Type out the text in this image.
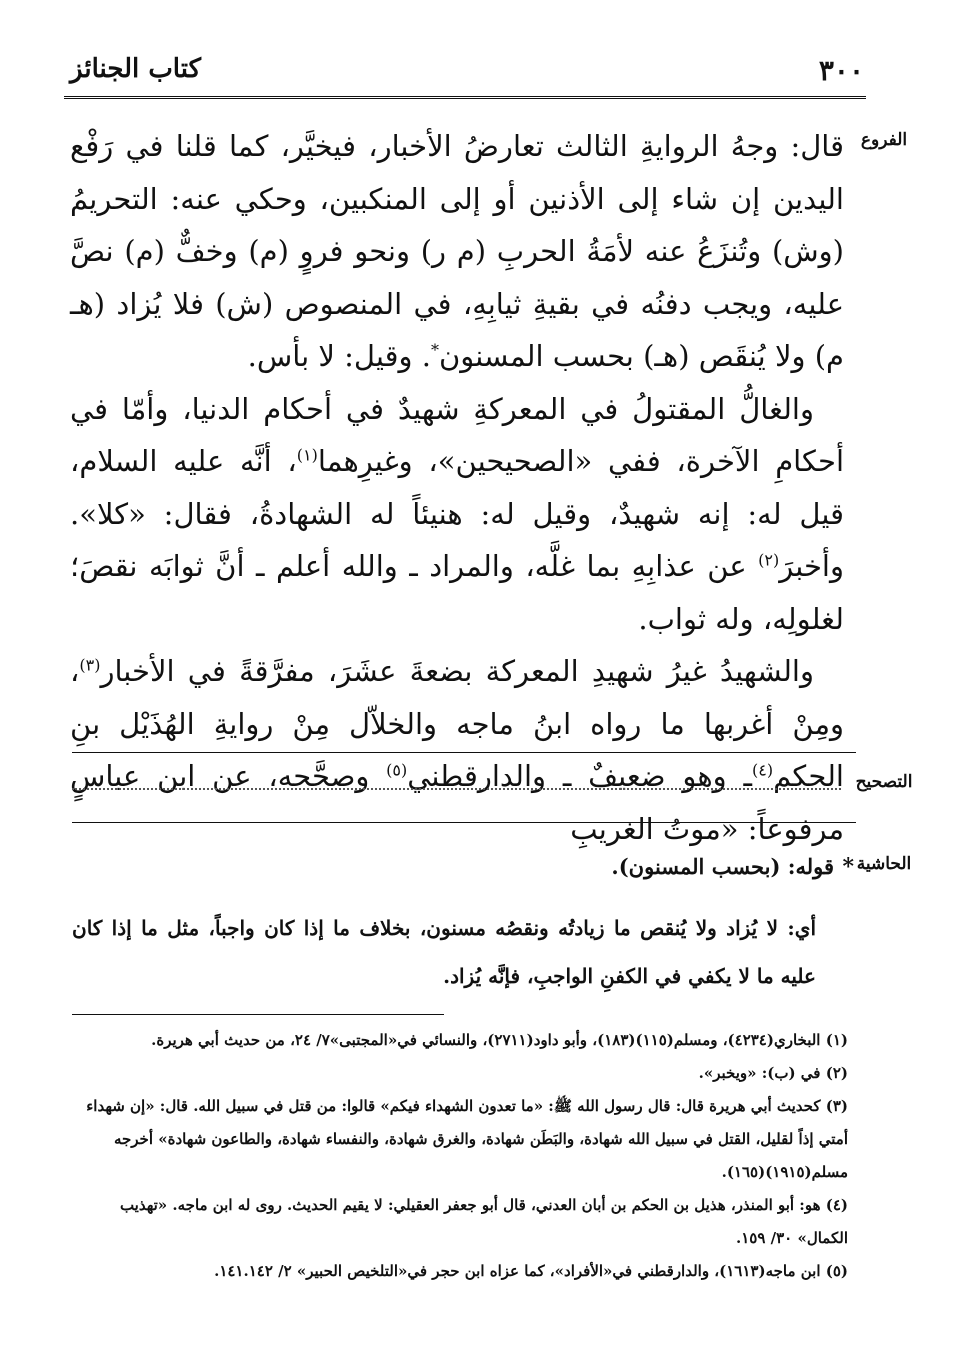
٣٠٠
كتاب الجنائز
الفروع

قال: وجهُ الروايةِ الثالث تعارضُ الأخبار، فيخيَّر، كما قلنا في رَفْع اليدين إن شاء إلى الأذنين أو إلى المنكبين، وحكي عنه: التحريمُ (وش) وتُنزَعُ عنه لأمَةُ الحربِ (م ر) ونحو فروٍ (م) وخفٌّ (م) نصَّ عليه، ويجب دفنُه في بقيةِ ثيابِهِ، في المنصوص (ش) فلا يُزاد (هـ م) ولا يُنقَص (هـ) بحسب المسنون*. وقيل: لا بأس.

والغالُّ المقتولُ في المعركةِ شهيدٌ في أحكام الدنيا، وأمّا في أحكامِ الآخرة، ففي «الصحيحين»، وغيرِهما$^{(١)}$، أنَّه عليه السلام، قيل له: إنه شهيدٌ، وقيل له: هنيئاً له الشهادةُ، فقال: «كلا». وأخبرَ$^{(٢)}$ عن عذابِهِ بما غلَّه، والمراد ـ والله أعلم ـ أنَّ ثوابَه نقصَ؛ لغلولِه، وله ثواب.

والشهيدُ غيرُ شهيدِ المعركة بضعةَ عشَرَ، مفرَّقةً في الأخبار$^{(٣)}$، ومِنْ أغربها ما رواه ابنُ ماجه والخلاّل مِنْ روايةِ الهُذَيْل بنِ الحكم$^{(٤)}$ـ وهو ضعيفٌ ـ والدارقطني$^{(٥)}$ وصحَّحه، عن ابن عباسٍ مرفوعاً: «موتُ الغريبِ

التصحيح
الحاشية
*
قوله: (بحسب المسنون).

أي: لا يُزاد ولا يُنقص ما زيادتُه ونقصُه مسنون، بخلاف ما إذا كان واجباً، مثل ما إذا كان عليه ما لا يكفي في الكفنِ الواجبِ، فإنَّه يُزاد.

(١) البخاري(٤٢٣٤)، ومسلم(١١٥)(١٨٣)، وأبو داود(٢٧١١)، والنسائي في«المجتبى»٧/ ٢٤، من حديث أبي هريرة.

(٢) في (ب): «ويخبر».

(٣) كحديث أبي هريرة قال: قال رسول الله ﷺ: «ما تعدون الشهداء فيكم» قالوا: من قتل في سبيل الله. قال: «إن شهداء أمتي إذاً لقليل، القتل في سبيل الله شهادة، والبَطَن شهادة، والغرق شهادة، والنفساء شهادة، والطاعون شهادة» أخرجه مسلم(١٩١٥)(١٦٥).

(٤) هو: أبو المنذر، هذيل بن الحكم بن أبان العدني، قال أبو جعفر العقيلي: لا يقيم الحديث. روى له ابن ماجه. «تهذيب الكمال» ٣٠/ ١٥٩.

(٥) ابن ماجه(١٦١٣)، والدارقطني في«الأفراد»، كما عزاه ابن حجر في«التلخيص الحبير» ٢/ ١٤١.١٤٢.
